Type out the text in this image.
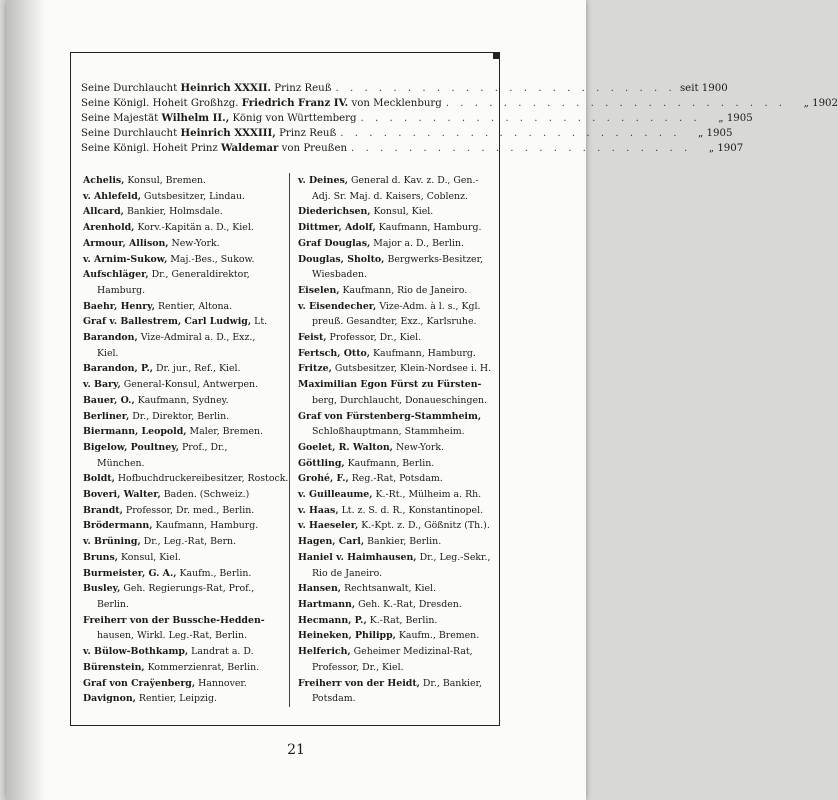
Seine Durchlaucht Heinrich XXXII. Prinz Reuß . . . . . . . . . . . . . . . . . . . . . . . . seit 1900
Seine Königl. Hoheit Großhzg. Friedrich Franz IV. von Mecklenburg . . . . . . . . . . . . . . . . . . . . . . . .	„ 1902
Seine Majestät Wilhelm II., König von Württemberg . . . . . . . . . . . . . . . . . . . . . . . .	„ 1905
Seine Durchlaucht Heinrich XXXIII, Prinz Reuß . . . . . . . . . . . . . . . . . . . . . . . .	„ 1905
Seine Königl. Hoheit Prinz Waldemar von Preußen . . . . . . . . . . . . . . . . . . . . . . . .	„ 1907
Achelis, Konsul, Bremen.
v. Ahlefeld, Gutsbesitzer, Lindau.
Allcard, Bankier, Holmsdale.
Arenhold, Korv.-Kapitän a. D., Kiel.
Armour, Allison, New-York.
v. Arnim-Sukow, Maj.-Bes., Sukow.
Aufschläger, Dr., Generaldirektor,
Hamburg.
Baehr, Henry, Rentier, Altona.
Graf v. Ballestrem, Carl Ludwig, Lt.
Barandon, Vize-Admiral a. D., Exz.,
Kiel.
Barandon, P., Dr. jur., Ref., Kiel.
v. Bary, General-Konsul, Antwerpen.
Bauer, O., Kaufmann, Sydney.
Berliner, Dr., Direktor, Berlin.
Biermann, Leopold, Maler, Bremen.
Bigelow, Poultney, Prof., Dr.,
München.
Boldt, Hofbuchdruckereibesitzer, Rostock.
Boveri, Walter, Baden. (Schweiz.)
Brandt, Professor, Dr. med., Berlin.
Brödermann, Kaufmann, Hamburg.
v. Brüning, Dr., Leg.-Rat, Bern.
Bruns, Konsul, Kiel.
Burmeister, G. A., Kaufm., Berlin.
Busley, Geh. Regierungs-Rat, Prof.,
Berlin.
Freiherr von der Bussche-Hedden-
hausen, Wirkl. Leg.-Rat, Berlin.
v. Bülow-Bothkamp, Landrat a. D.
Bürenstein, Kommerzienrat, Berlin.
Graf von Craÿenberg, Hannover.
Davignon, Rentier, Leipzig.
v. Deines, General d. Kav. z. D., Gen.-
Adj. Sr. Maj. d. Kaisers, Coblenz.
Diederichsen, Konsul, Kiel.
Dittmer, Adolf, Kaufmann, Hamburg.
Graf Douglas, Major a. D., Berlin.
Douglas, Sholto, Bergwerks-Besitzer,
Wiesbaden.
Eiselen, Kaufmann, Rio de Janeiro.
v. Eisendecher, Vize-Adm. à l. s., Kgl.
preuß. Gesandter, Exz., Karlsruhe.
Feist, Professor, Dr., Kiel.
Fertsch, Otto, Kaufmann, Hamburg.
Fritze, Gutsbesitzer, Klein-Nordsee i. H.
Maximilian Egon Fürst zu Fürsten-
berg, Durchlaucht, Donaueschingen.
Graf von Fürstenberg-Stammheim,
Schloßhauptmann, Stammheim.
Goelet, R. Walton, New-York.
Göttling, Kaufmann, Berlin.
Grohé, F., Reg.-Rat, Potsdam.
v. Guilleaume, K.-Rt., Mülheim a. Rh.
v. Haas, Lt. z. S. d. R., Konstantinopel.
v. Haeseler, K.-Kpt. z. D., Gößnitz (Th.).
Hagen, Carl, Bankier, Berlin.
Haniel v. Haimhausen, Dr., Leg.-Sekr.,
Rio de Janeiro.
Hansen, Rechtsanwalt, Kiel.
Hartmann, Geh. K.-Rat, Dresden.
Hecmann, P., K.-Rat, Berlin.
Heineken, Philipp, Kaufm., Bremen.
Helferich, Geheimer Medizinal-Rat,
Professor, Dr., Kiel.
Freiherr von der Heidt, Dr., Bankier,
Potsdam.
21
